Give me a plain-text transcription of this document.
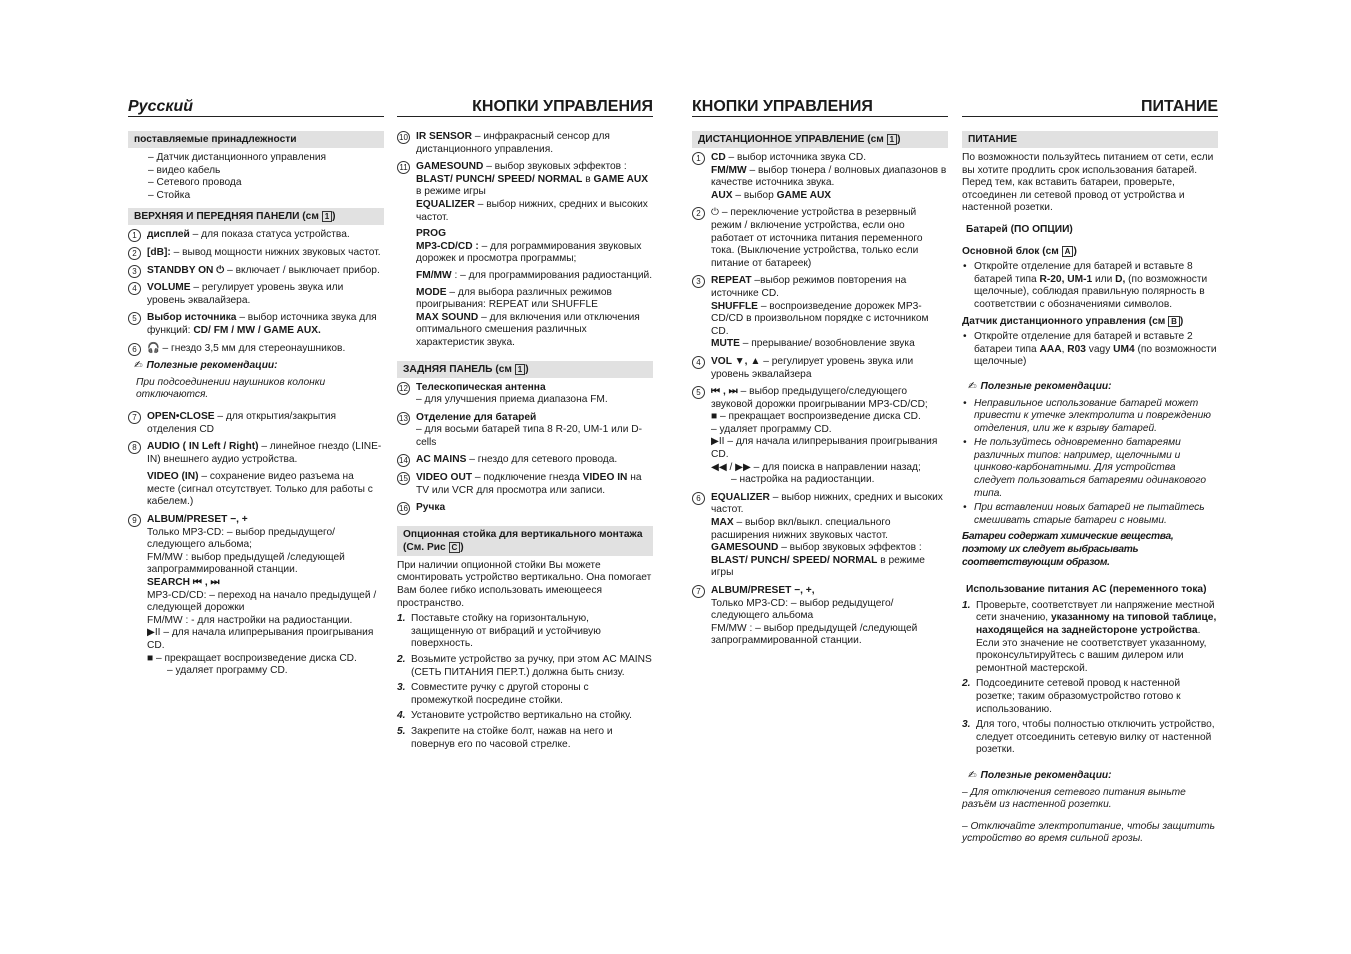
Русский
поставляемые принадлежности
– Датчик дистанционного управления
– видео кабель
– Сетевого провода
– Стойка
ВЕРХНЯЯ И ПЕРЕДНЯЯ ПАНЕЛИ (см 1 )
1	дисплей – для показа статуса устройства.
2	[dB]: – вывод мощности нижних звуковых частот.
3	STANDBY ON ⏻ – включает / выключает прибор.
4	VOLUME – регулирует уровень звука или уровень эквалайзера.
5	Выбор источника – выбор источника звука для функций: CD/ FM / MW / GAME AUX.
6	🎧 – гнездо 3,5 мм для стереонаушников.
✍ Полезные рекомендации:
При подсоединении наушников колонки отключаются.
7	OPEN•CLOSE – для открытия/закрытия отделения CD
8	AUDIO ( IN Left / Right) – линейное гнездо (LINE-IN) внешнего аудио устройства.
VIDEO (IN) – сохранение видео разъема на месте (сигнал отсутствует. Только для работы с кабелем.)
9	ALBUM/PRESET −, +
Только MP3-CD: – выбор предыдущего/следующего альбома;
FM/MW : выбор предыдущей /следующей запрограммированной станции.
SEARCH ⏮ , ⏭
MP3-CD/CD: – переход на начало предыдущей / следующей дорожки
FM/MW : - для настройки на радиостанции.
▶II – для начала илипрерывания проигрывания CD.
■ – прекращает воспроизведение диска CD.
– удаляет программу CD.
КНОПКИ УПРАВЛЕНИЯ
10 IR SENSOR – инфракрасный сенсор для дистанционного управления.
11 GAMESOUND – выбор звуковых эффектов : BLAST/ PUNCH/ SPEED/ NORMAL в GAME AUX в режиме игры
EQUALIZER – выбор нижних, средних и высоких частот.
PROG
MP3-CD/CD : – для рограммирования звуковых дорожек и просмотра программы;
FM/MW : – для программирования радиостанций.
MODE – для выбора различных режимов проигрывания: REPEAT или SHUFFLE
MAX SOUND – для включения или отключения оптимального смешения различных характеристик звука.
ЗАДНЯЯ ПАНЕЛЬ (см 1 )
12 Телескопическая антенна
– для улучшения приема диапазона FM.
13 Отделение для батарей
– для восьми батарей типа 8 R-20, UM-1 или D-cells
14 AC MAINS – гнездо для сетевого провода.
15 VIDEO OUT – подключение гнезда VIDEO IN на TV или VCR для просмотра или записи.
16 Ручка
Опционная стойка для вертикального монтажа (См. Рис C )
При наличии опционной стойки Вы можете смонтировать устройство вертикально. Она помогает Вам более гибко использовать имеющееся пространство.
1. Поставьте стойку на горизонтальную, защищенную от вибраций и устойчивую поверхность.
2. Возьмите устройство за ручку, при этом AC MAINS (СЕТЬ ПИТАНИЯ ПЕР.Т.) должна быть снизу.
3. Совместите ручку с другой стороны с промежуткой посредине стойки.
4. Установите устройство вертикально на стойку.
5. Закрепите на стойке болт, нажав на него и повернув его по часовой стрелке.
КНОПКИ УПРАВЛЕНИЯ
ДИСТАНЦИОННОЕ УПРАВЛЕНИЕ (см 1 )
1	CD – выбор источника звука CD.
FM/MW – выбор тюнера / волновых диапазонов в качестве источника звука.
AUX – выбор GAME AUX
2	⏻ – переключение устройства в резервный режим / включение устройства, если оно работает от источника питания переменного тока. (Выключение устройства, только если питание от батареек)
3	REPEAT –выбор режимов повторения на источнике CD.
SHUFFLE – воспроизведение дорожек MP3-CD/CD в произвольном порядке с источником CD.
MUTE – прерывание/ возобновление звука
4	VOL ▼, ▲ – регулирует уровень звука или уровень эквалайзера
5	⏮ , ⏭ – выбор предыдущего/следующего звуковой дорожки проигрывании MP3-CD/CD;
■ – прекращает воспроизведение диска CD.
– удаляет программу CD.
▶II – для начала илипрерывания проигрывания CD.
◀◀ / ▶▶ – для поиска в направлении назад;
– настройка на радиостанции.
6	EQUALIZER – выбор нижних, средних и высоких частот.
MAX – выбор вкл/выкл. специального расширения нижних звуковых частот.
GAMESOUND – выбор звуковых эффектов :
BLAST/ PUNCH/ SPEED/ NORMAL в режиме игры
7	ALBUM/PRESET −, +,
Только MP3-CD: – выбор редыдущего/ следующего альбома
FM/MW : – выбор предыдущей /следующей запрограммированной станции.
ПИТАНИЕ
ПИТАНИЕ
По возможности пользуйтесь питанием от сети, если вы хотите продлить срок использования батарей. Перед тем, как вставить батареи, проверьте, отсоединен ли сетевой провод от устройства и настенной розетки.
Батарей (ПО ОПЦИИ)
Основной блок (см A )
• Откройте отделение для батарей и вставьте 8 батарей типа R-20, UM-1 или D, (по возможности щелочные), соблюдая правильную полярность в соответствии с обозначениями символов.
Датчик дистанционного управления (см B )
• Откройте отделение для батарей и вставьте 2 батареи типа AAA, R03 vagy UM4 (по возможности щелочные)
✍ Полезные рекомендации:
• Неправильное использование батарей может привести к утечке электролита и повреждению отделения, или же к взрыву батарей.
• Не пользуйтесь одновременно батареями различных типов: например, щелочными и цинково-карбонатными. Для устройства следует пользоваться батареями одинакового типа.
• При вставлении новых батарей не пытайтесь смешивать старые батареи с новыми.
Батареи содержат химические вещества, поэтому их следует выбрасывать соответствующим образом.
Использование питания AC (переменного тока)
1. Проверьте, соответствует ли напряжение местной сети значению, указанному на типовой таблице, находящейся на заднейстороне устройства. Если это значение не соответствует указанному, проконсультируйтесь с вашим дилером или ремонтной мастерской.
2. Подсоедините сетевой провод к настенной розетке; таким образомустройство готово к использованию.
3. Для того, чтобы полностью отключить устройство, следует отсоединить сетевую вилку от настенной розетки.
✍ Полезные рекомендации:
– Для отключения сетевого питания выньте разъём из настенной розетки.
– Отключайте электропитание, чтобы защитить устройство во время сильной грозы.
